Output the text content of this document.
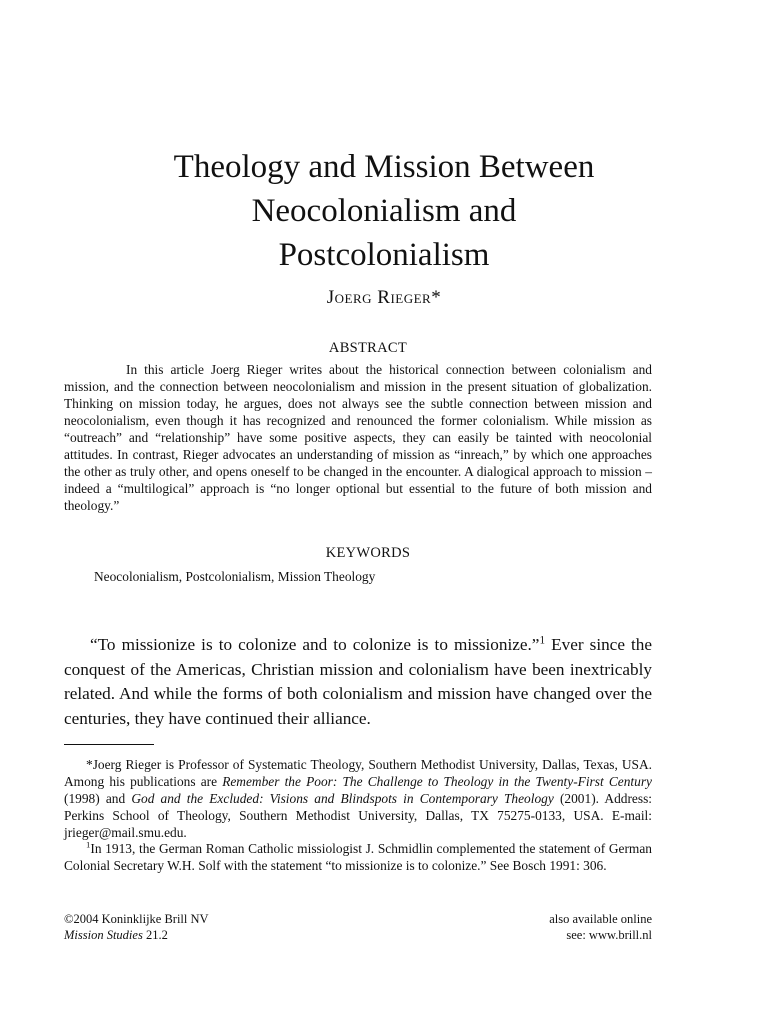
Theology and Mission Between
Neocolonialism and
Postcolonialism
Joerg Rieger*
ABSTRACT

In this article Joerg Rieger writes about the historical connection between colonialism and mission, and the connection between neocolonialism and mission in the present situation of globalization. Thinking on mission today, he argues, does not always see the subtle connection between mission and neocolonialism, even though it has recognized and renounced the former colonialism. While mission as “outreach” and “relationship” have some positive aspects, they can easily be tainted with neocolonial attitudes. In contrast, Rieger advocates an understanding of mission as “inreach,” by which one approaches the other as truly other, and opens oneself to be changed in the encounter. A dialogical approach to mission – indeed a “multilogical” approach is “no longer optional but essential to the future of both mission and theology.”

KEYWORDS
Neocolonialism, Postcolonialism, Mission Theology

“To missionize is to colonize and to colonize is to missionize.”$^1$ Ever since the conquest of the Americas, Christian mission and colonialism have been inextricably related. And while the forms of both colonialism and mission have changed over the centuries, they have continued their alliance.

*Joerg Rieger is Professor of Systematic Theology, Southern Methodist University, Dallas, Texas, USA. Among his publications are Remember the Poor: The Challenge to Theology in the Twenty-First Century (1998) and God and the Excluded: Visions and Blindspots in Contemporary Theology (2001). Address: Perkins School of Theology, Southern Methodist University, Dallas, TX 75275-0133, USA. E-mail: jrieger@mail.smu.edu.

$^1$In 1913, the German Roman Catholic missiologist J. Schmidlin complemented the statement of German Colonial Secretary W.H. Solf with the statement “to missionize is to colonize.” See Bosch 1991: 306.

©2004 Koninklijke Brill NV
Mission Studies 21.2
also available online
see: www.brill.nl
